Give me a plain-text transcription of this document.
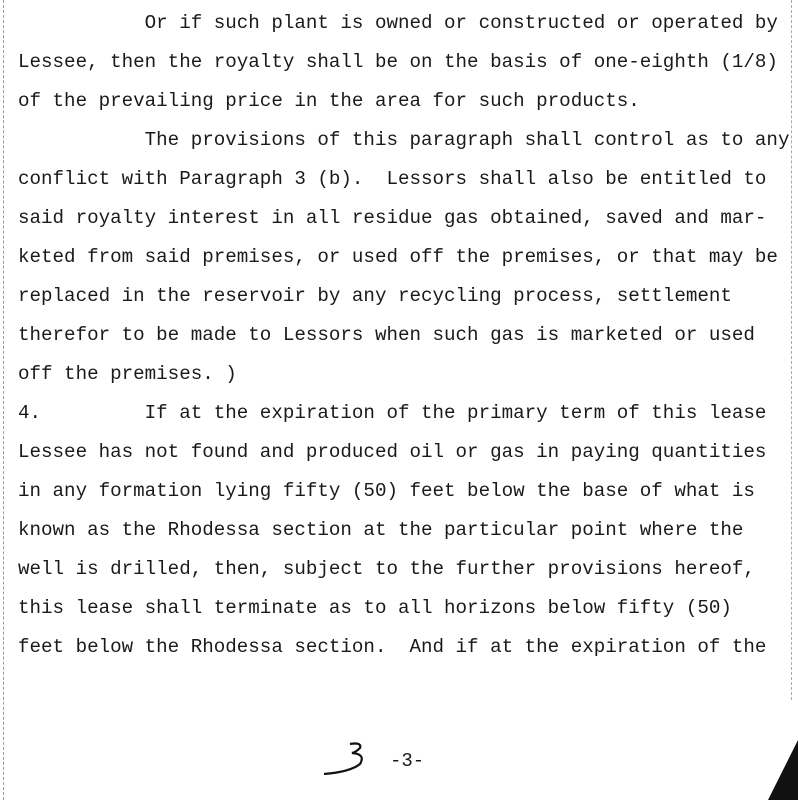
Or if such plant is owned or constructed or operated by
Lessee, then the royalty shall be on the basis of one-eighth (1/8)
of the prevailing price in the area for such products.
The provisions of this paragraph shall control as to any
conflict with Paragraph 3 (b).  Lessors shall also be entitled to
said royalty interest in all residue gas obtained, saved and mar-
keted from said premises, or used off the premises, or that may be
replaced in the reservoir by any recycling process, settlement
therefor to be made to Lessors when such gas is marketed or used
off the premises. )
4.         If at the expiration of the primary term of this lease
Lessee has not found and produced oil or gas in paying quantities
in any formation lying fifty (50) feet below the base of what is
known as the Rhodessa section at the particular point where the
well is drilled, then, subject to the further provisions hereof,
this lease shall terminate as to all horizons below fifty (50)
feet below the Rhodessa section.  And if at the expiration of the
-3-
